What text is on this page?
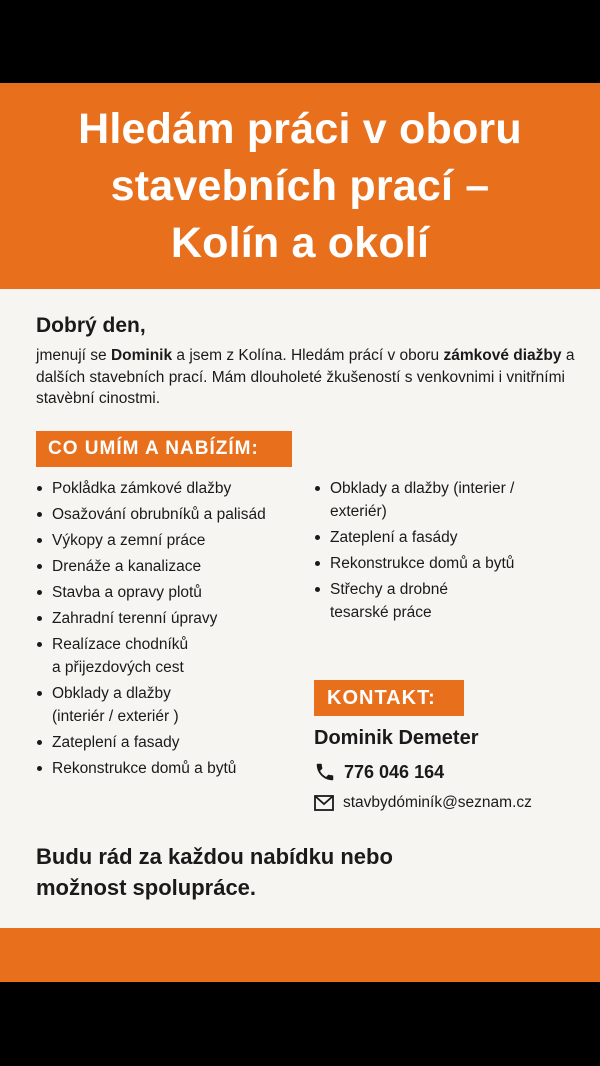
Hledám práci v oboru
stavebních prací –
Kolín a okolí

Dobrý den,

jmenují se Dominik a jsem z Kolína. Hledám prácí v oboru zámkové diažby a dalších stavebních prací. Mám dlouholeté žkušeností s venkovnimi i vnitřními stavèbní cinostmi.

CO UMÍM A NABÍZÍM:
Poklådka zámkové dlažby
Osažování obrubníků a palisád
Výkopy a zemní práce
Drenáže a kanalizace
Stavba a opravy plotů
Zahradní terenní úpravy
Realízace chodníků
a přijezdových cest
Obklady a dlažby
(interiér / exteriér )
Zateplení a fasady
Rekonstrukce domů a bytů
Obklady a dlažby (interier /
exteriér)
Zateplení a fasády
Rekonstrukce domů a bytů
Střechy a drobné
tesarské práce
KONTAKT:

Dominik Demeter

776 046 164
stavbydóminík@seznam.cz

Budu rád za každou nabídku nebo
možnost spolupráce.
